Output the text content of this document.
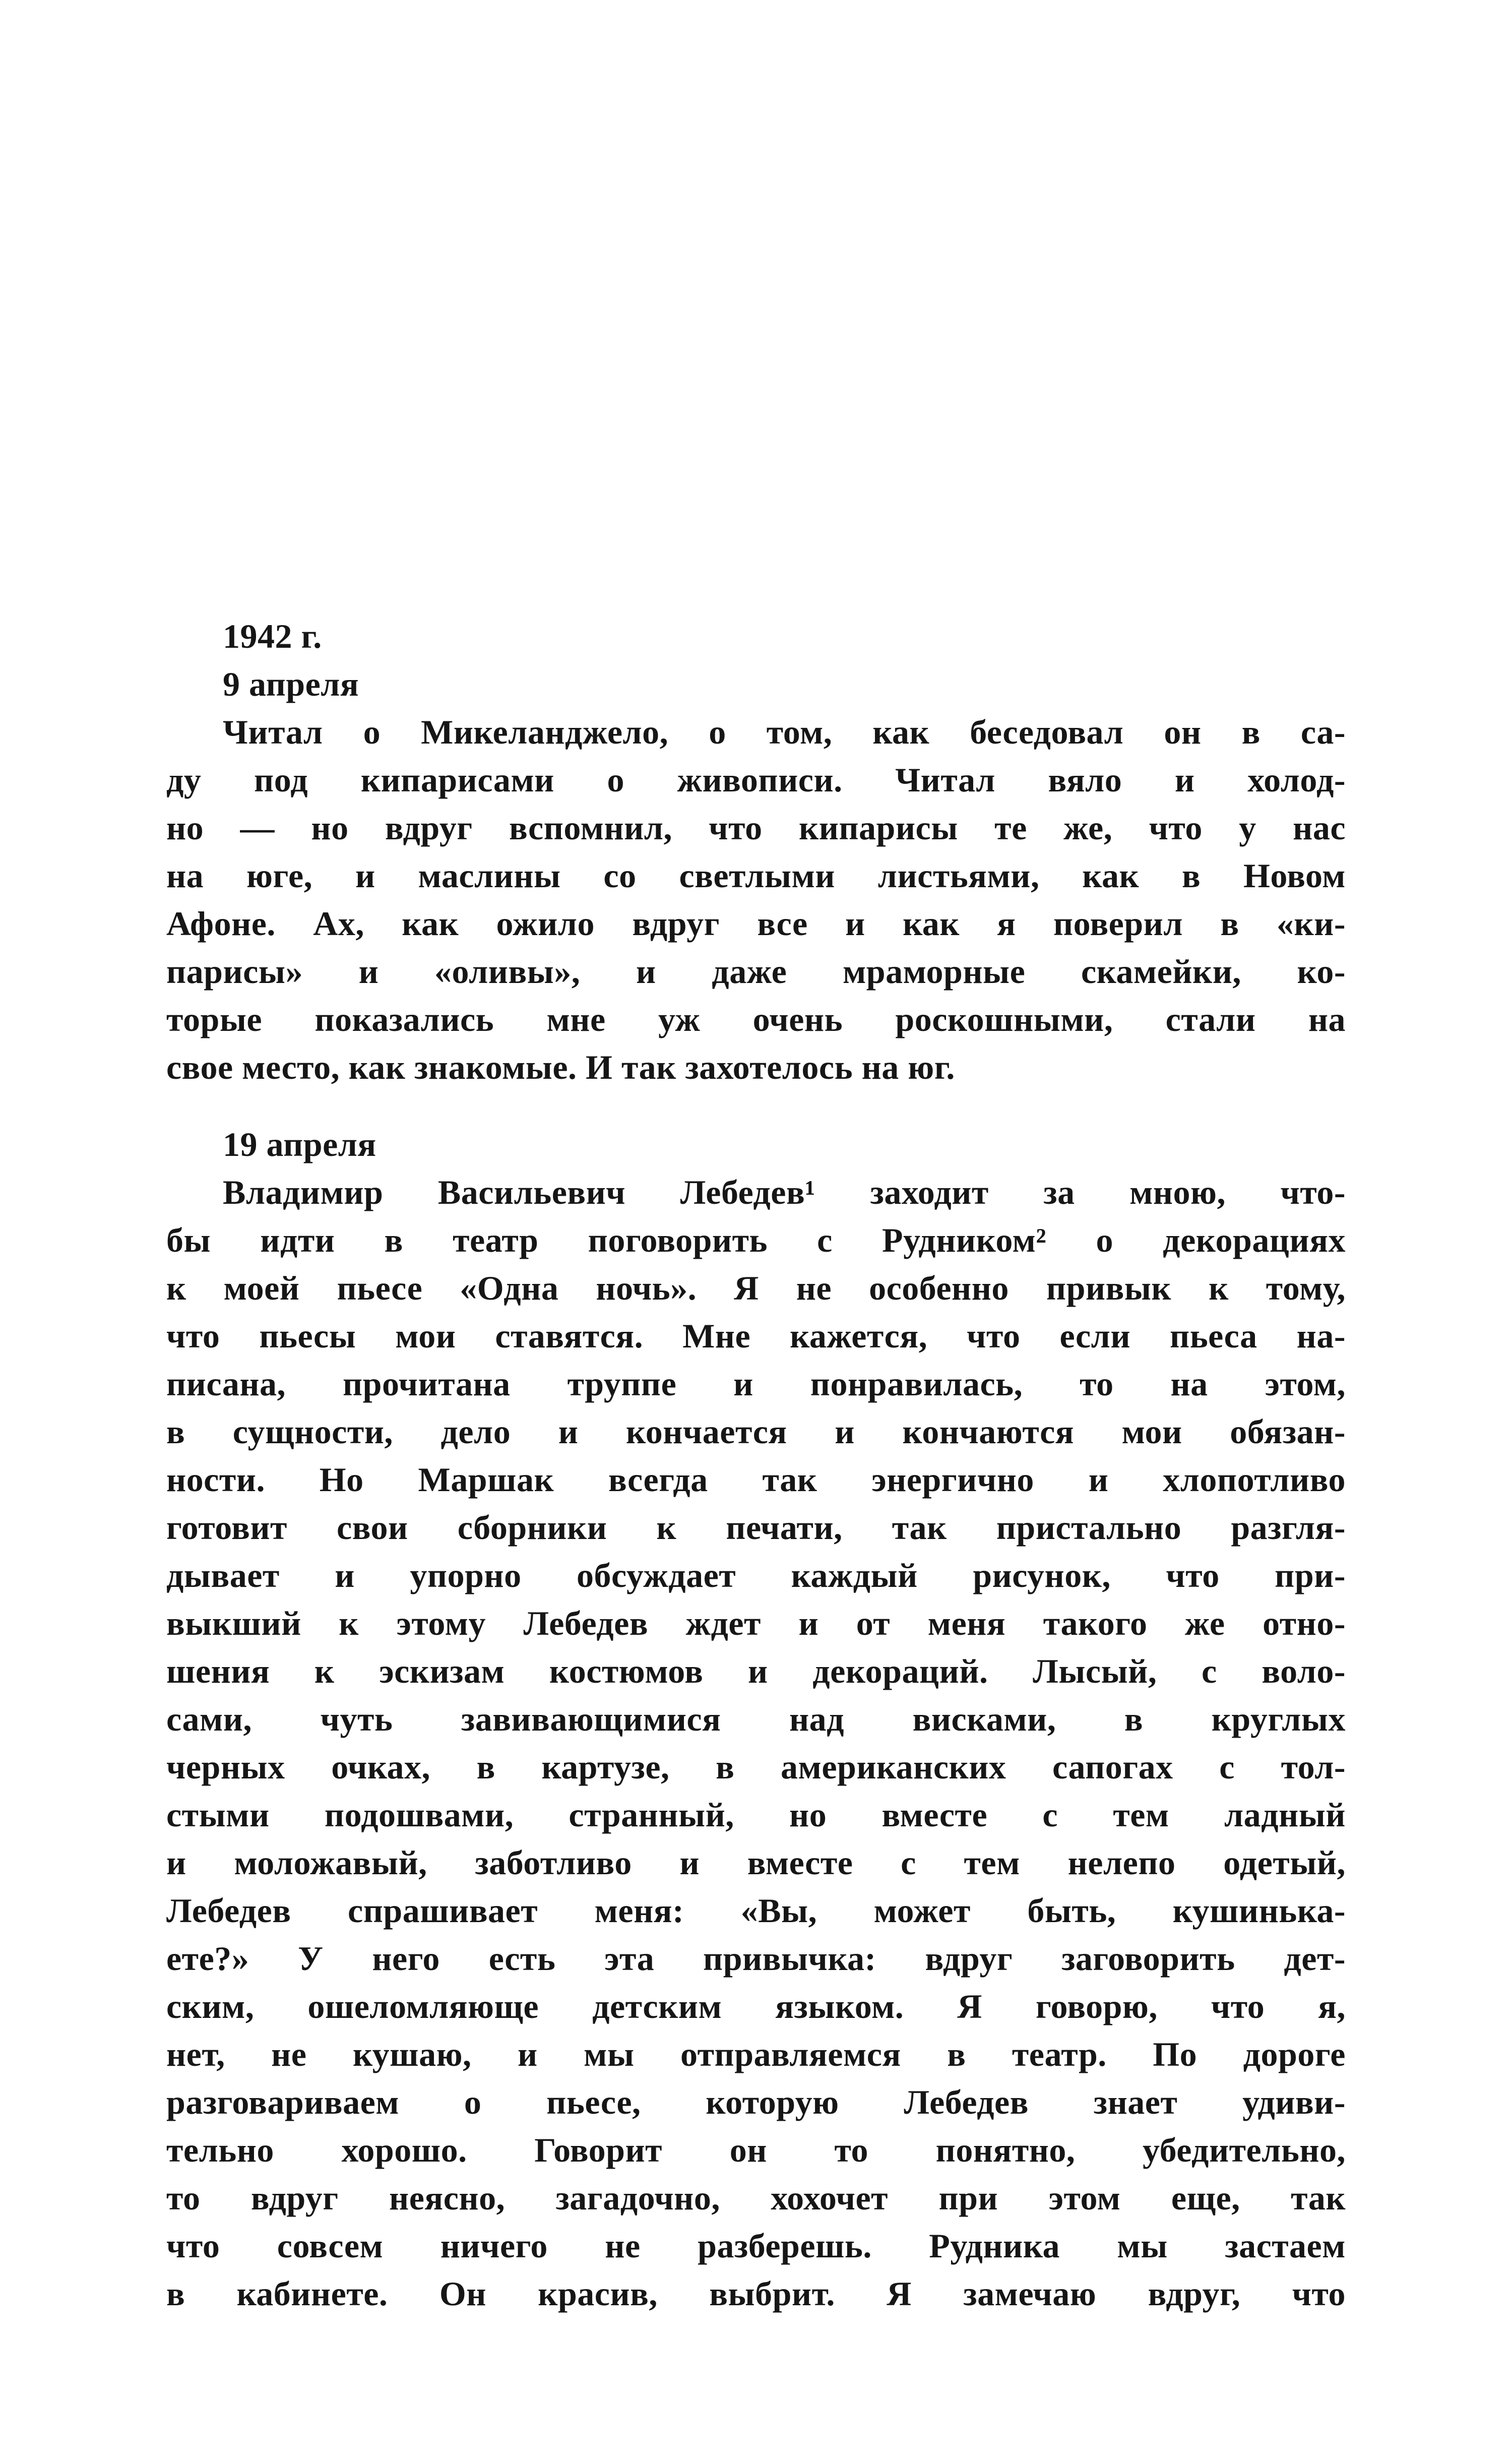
1942 г.
9 апреля
Читал о Микеланджело, о том, как беседовал он в са-
ду под кипарисами о живописи. Читал вяло и холод-
но — но вдруг вспомнил, что кипарисы те же, что у нас
на юге, и маслины со светлыми листьями, как в Новом
Афоне. Ах, как ожило вдруг все и как я поверил в «ки-
парисы» и «оливы», и даже мраморные скамейки, ко-
торые показались мне уж очень роскошными, стали на
свое место, как знакомые. И так захотелось на юг.
19 апреля
Владимир Васильевич Лебедев¹ заходит за мною, что-
бы идти в театр поговорить с Рудником² о декорациях
к моей пьесе «Одна ночь». Я не особенно привык к тому,
что пьесы мои ставятся. Мне кажется, что если пьеса на-
писана, прочитана труппе и понравилась, то на этом,
в сущности, дело и кончается и кончаются мои обязан-
ности. Но Маршак всегда так энергично и хлопотливо
готовит свои сборники к печати, так пристально разгля-
дывает и упорно обсуждает каждый рисунок, что при-
выкший к этому Лебедев ждет и от меня такого же отно-
шения к эскизам костюмов и декораций. Лысый, с воло-
сами, чуть завивающимися над висками, в круглых
черных очках, в картузе, в американских сапогах с тол-
стыми подошвами, странный, но вместе с тем ладный
и моложавый, заботливо и вместе с тем нелепо одетый,
Лебедев спрашивает меня: «Вы, может быть, кушинька-
ете?» У него есть эта привычка: вдруг заговорить дет-
ским, ошеломляюще детским языком. Я говорю, что я,
нет, не кушаю, и мы отправляемся в театр. По дороге
разговариваем о пьесе, которую Лебедев знает удиви-
тельно хорошо. Говорит он то понятно, убедительно,
то вдруг неясно, загадочно, хохочет при этом еще, так
что совсем ничего не разберешь. Рудника мы застаем
в кабинете. Он красив, выбрит. Я замечаю вдруг, что
